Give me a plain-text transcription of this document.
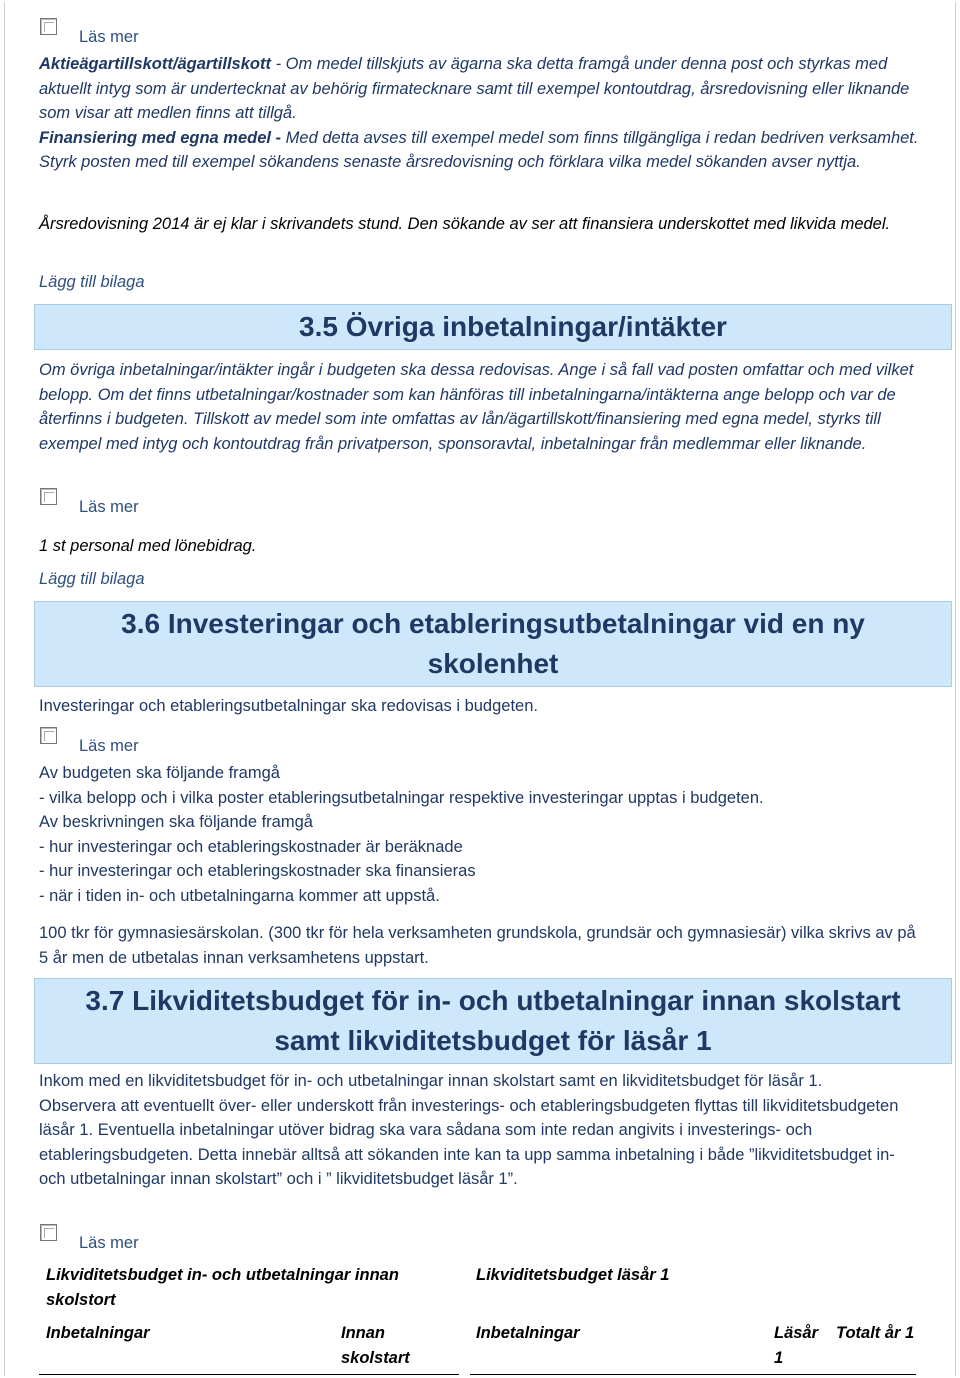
Läs mer

Aktieägartillskott/ägartillskott - Om medel tillskjuts av ägarna ska detta framgå under denna post och styrkas med aktuellt intyg som är undertecknat av behörig firmatecknare samt till exempel kontoutdrag, årsredovisning eller liknande som visar att medlen finns att tillgå.

Finansiering med egna medel - Med detta avses till exempel medel som finns tillgängliga i redan bedriven verksamhet. Styrk posten med till exempel sökandens senaste årsredovisning och förklara vilka medel sökanden avser nyttja.

Årsredovisning 2014 är ej klar i skrivandets stund. Den sökande av ser att finansiera underskottet med likvida medel.

Lägg till bilaga
3.5 Övriga inbetalningar/intäkter

Om övriga inbetalningar/intäkter ingår i budgeten ska dessa redovisas. Ange i så fall vad posten omfattar och med vilket belopp. Om det finns utbetalningar/kostnader som kan hänföras till inbetalningarna/intäkterna ange belopp och var de återfinns i budgeten. Tillskott av medel som inte omfattas av lån/ägartillskott/finansiering med egna medel, styrks till exempel med intyg och kontoutdrag från privatperson, sponsoravtal, inbetalningar från medlemmar eller liknande.

Läs mer
1 st personal med lönebidrag.
Lägg till bilaga
3.6 Investeringar och etableringsutbetalningar vid en ny
skolenhet
Investeringar och etableringsutbetalningar ska redovisas i budgeten.
Läs mer
Av budgeten ska följande framgå
- vilka belopp och i vilka poster etableringsutbetalningar respektive investeringar upptas i budgeten.
Av beskrivningen ska följande framgå
- hur investeringar och etableringskostnader är beräknade
- hur investeringar och etableringskostnader ska finansieras
- när i tiden in- och utbetalningarna kommer att uppstå.

100 tkr för gymnasiesärskolan. (300 tkr för hela verksamheten grundskola, grundsär och gymnasiesär) vilka skrivs av på 5 år men de utbetalas innan verksamhetens uppstart.

3.7 Likviditetsbudget för in- och utbetalningar innan skolstart
samt likviditetsbudget för läsår 1

Inkom med en likviditetsbudget för in- och utbetalningar innan skolstart samt en likviditetsbudget för läsår 1.

Observera att eventuellt över- eller underskott från investerings- och etableringsbudgeten flyttas till likviditetsbudgeten läsår 1. Eventuella inbetalningar utöver bidrag ska vara sådana som inte redan angivits i investerings- och etableringsbudgeten. Detta innebär alltså att sökanden inte kan ta upp samma inbetalning i både ”likviditetsbudget in- och utbetalningar innan skolstart” och i ” likviditetsbudget läsår 1”.

Läs mer
Likviditetsbudget in- och utbetalningar innan skolstort
Likviditetsbudget läsår 1
Inbetalningar	Innan skolstart
Inbetalningar	Läsår 1
Totalt år 1
